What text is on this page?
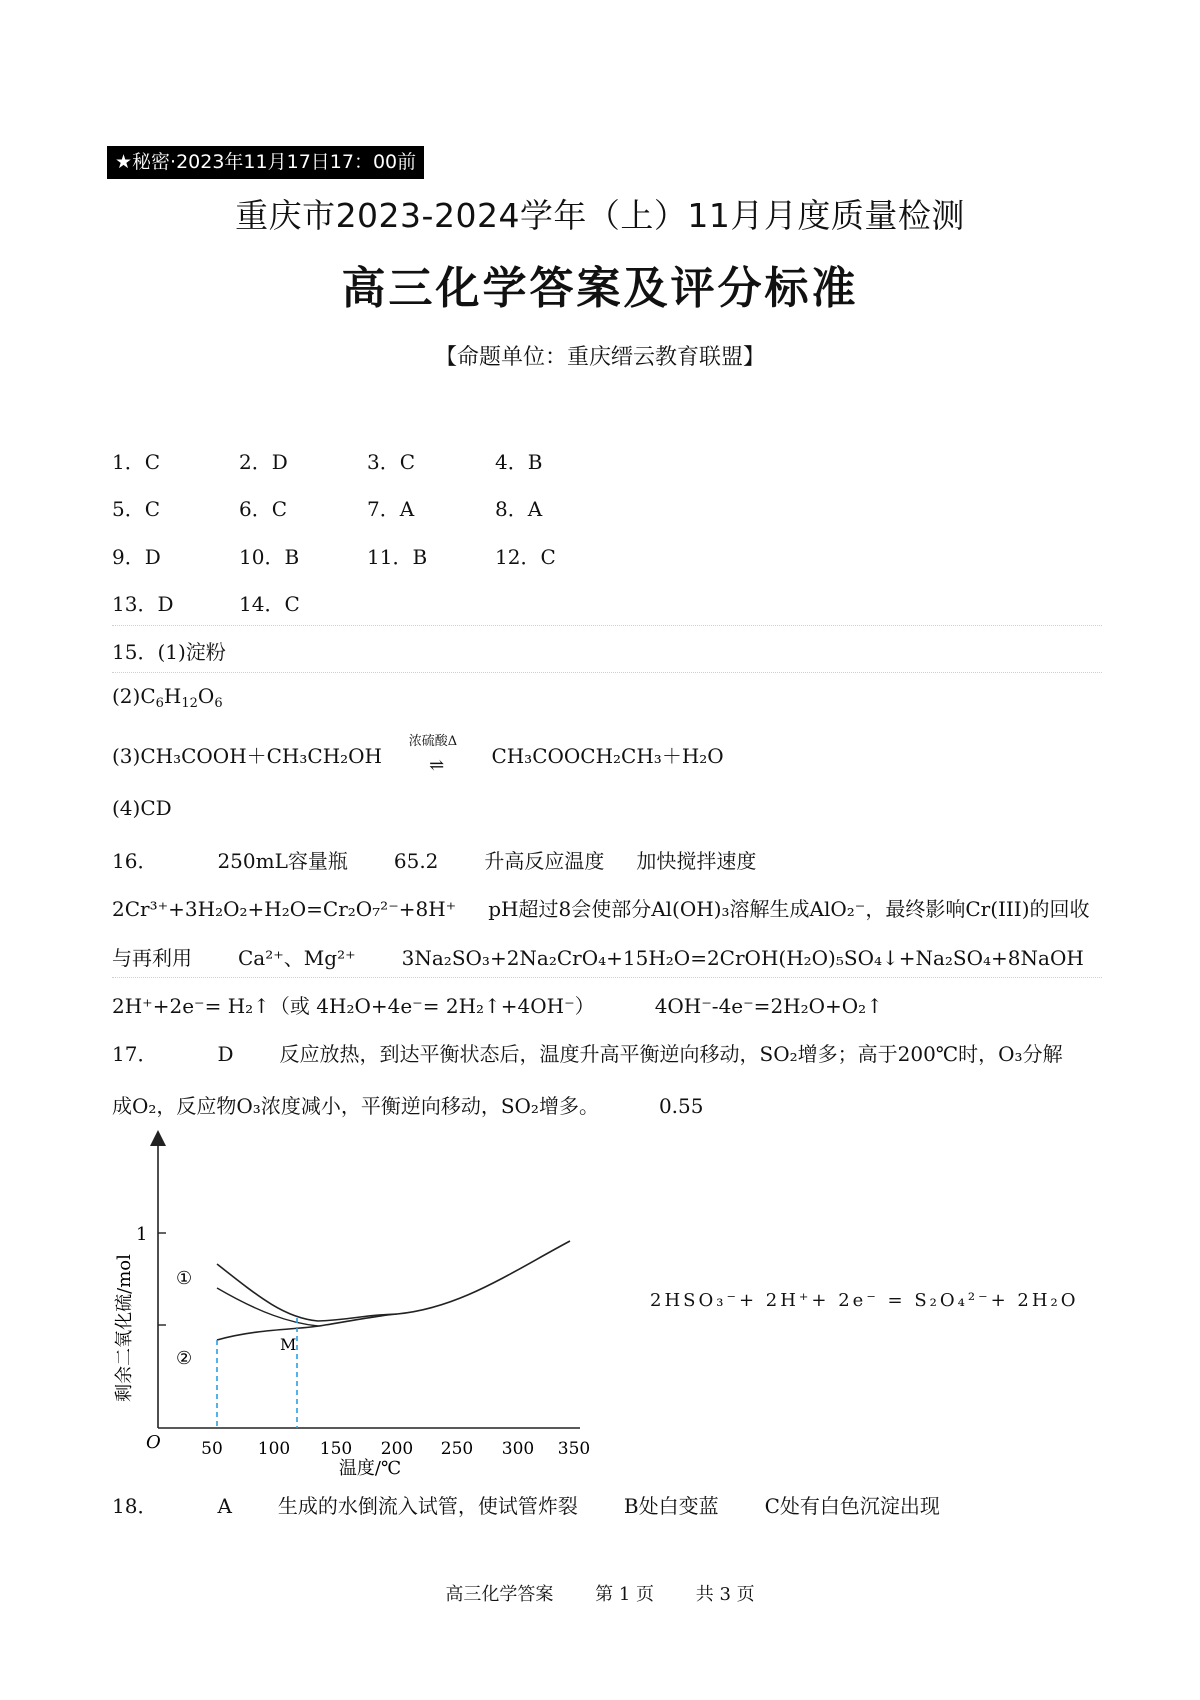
★秘密·2023年11月17日17：00前
重庆市2023-2024学年（上）11月月度质量检测
高三化学答案及评分标准
【命题单位：重庆缙云教育联盟】
1．C	2．D	3．C	4．B
5．C	6．C	7．A	8．A
9．D	10．B	11．B	12．C
13．D	14．C
15．(1)淀粉
$(2)C_6H_{12}O_6$
(3)CH₃COOH＋CH₃CH₂OH
浓硫酸Δ
⇌ CH₃COOCH₂CH₃＋H₂O
(4)CD
16．	250mL容量瓶 65.2 升高反应温度 加快搅拌速度
2Cr³⁺+3H₂O₂+H₂O=Cr₂O₇²⁻+8H⁺ pH超过8会使部分Al(OH)₃溶解生成AlO₂⁻，最终影响Cr(III)的回收
与再利用 Ca²⁺、Mg²⁺ 3Na₂SO₃+2Na₂CrO₄+15H₂O=2CrOH(H₂O)₅SO₄↓+Na₂SO₄+8NaOH
2H⁺+2e⁻= H₂↑（或 4H₂O+4e⁻= 2H₂↑+4OH⁻）	4OH⁻-4e⁻=2H₂O+O₂↑
17．	D 反应放热，到达平衡状态后，温度升高平衡逆向移动，SO₂增多；高于200℃时，O₃分解
成O₂，反应物O₃浓度减小，平衡逆向移动，SO₂增多。	0.55
1
剩余二氧化硫/mol
O 50 100 150 200 250 300 350
温度/℃
①
②
M
2HSO₃⁻+ 2H⁺+ 2e⁻ = S₂O₄²⁻+ 2H₂O
18．	A 生成的水倒流入试管，使试管炸裂 B处白变蓝 C处有白色沉淀出现
高三化学答案 第 1 页 共 3 页
